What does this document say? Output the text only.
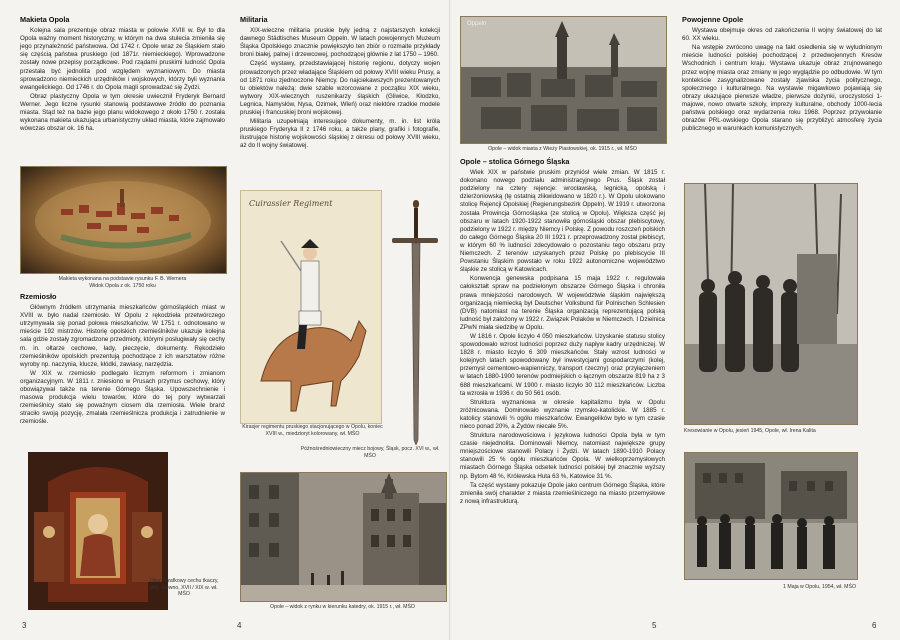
Makieta Opola

Kolejna sala prezentuje obraz miasta w połowie XVIII w. Był to dla Opola ważny moment historyczny, w którym na dwa stulecia zmieniła się jego przynależność państwowa. Od 1742 r. Opole wraz ze Śląskiem stało się częścią państwa pruskiego (od 1871r. niemieckiego). Wprowadzone zostały nowe przepisy porządkowe. Pod rządami pruskimi ludność Opola przestała być jednolita pod względem wyznaniowym. Do miasta sprowadzono niemieckich urzędników i wojskowych, którzy byli wyznania ewangelickiego. Od 1746 r. do Opola magli sprowadzać się Żydzi.

Obraz plastyczny Opola w tym okresie uwiecznił Fryderyk Bernard Werner. Jego liczne rysunki stanowią podstawowe źródło do poznania miasta. Stąd też na bazie jego planu widokowego z około 1750 r. została wykonana makieta ukazująca urbanistyczny układ miasta, które zajmowało wówczas obszar ok. 16 ha.

Makieta wykonana na podstawie rysunku F. B. Wernera
Widok Opola z ok. 1750 roku
Rzemiosło

Głównym źródłem utrzymania mieszkańców górnośląskich miast w XVIII w. było nadal rzemiosło. W Opolu z rękodzieła przetwórczego utrzymywała się ponad połowa mieszkańców. W 1751 r. odnotowano w mieście 192 mistrzów. Historię opolskich rzemieślników ukazuje kolejna sala gdzie zostały zgromadzone przedmioty, którymi posługiwały się cechy m. in. ołtarze cechowe, łady, pieczęcie, dokumenty. Rękodzieło rzemieślników opolskich prezentują pochodzące z ich warsztatów różne wyroby np. naczynia, klucze, kłódki, zawiasy, narzędzia.

W XIX w. rzemiosło podlegało licznym reformom i zmianom organizacyjnym. W 1811 r. zniesiono w Prusach przymus cechowy, który obowiązywał także na terenie Górnego Śląska. Upowszechnienie i masowa produkcja wielu towarów, które do tej pory wytwarzali rzemieślnicy stało się powaźnym ciosem dla rzemiosła. Wiele branż straciło swoją pozycję, zmalała rzemieślnicza produkcja i zatrudnienie w rzemiośle.

Ołtarz szafkowy cechu tkaczy, olej, drewno, XVII / XIX w. wł. MŚO
3
Militaria

XIX-wieczne militaria pruskie były jedną z najstarszych kolekcji dawnego Städtisches Museum Oppeln. W latach powojennych Muzeum Śląska Opolskiego znacznie powiększyło ten zbiór o rozmaite przykłady broni białej, palnej i drzewcowej, pochodzącej głównie z lat 1750 – 1960.

Część wystawy, przedstawiającej historię regionu, dotyczy wojen prowadzonych przez władające Śląskiem od połowy XVIII wieku Prusy, a od 1871 roku zjednoczone Niemcy. Do najciekawszych prezentowanych tu obiektów należą: dwie szable wzorcowane z początku XIX wieku, wytwory XIX-wiecznych ruszenikarzy śląskich (Gliwice, Kłodzko, Legnica, Namysłów, Nysa, Ozimek, Wleń) oraz niektóre rzadkie modele pruskiej i francuskiej broni wojskowej.

Militaria uzupełniają interesujące dokumenty, m. in. list króla pruskiego Fryderyka II z 1746 roku, a także plany, grafiki i fotografie, ilustrujące historię wojskowości śląskiej z okresu od połowy XVIII wieku, aż do II wojny światowej.

Cuirassier Regiment
Kirasjer regimentu pruskiego stacjonującego w Opolu, koniec XVIII w., miedzioryt kolorowany, wł. MŚO
Późnośredniowieczny miecz bojowy, Śląsk, pocz. XVI w., wł. MŚO
Opole – widok z rynku w kierunku katedry, ok. 1915 r., wł. MŚO
4
Oppeln
Opole – widok miasta z Wieży Piastowskiej, ok. 1915 r., wł. MŚO
Opole – stolica Górnego Śląska

Wiek XIX w państwie pruskim przyniósł wiele zmian. W 1815 r. dokonano nowego podziału administracyjnego Prus. Śląsk został podzielony na cztery rejencje: wrocławską, legnicką, opolską i dzierżoniowską (tę ostatnią zlikwidowano w 1820 r.). W Opolu ulokowano stolicę Rejencji Opolskiej (Regierungsbezirk Oppeln). W 1919 r. utworzona została Prowincja Górnośląska (ze stolicą w Opolu). Większa część jej obszaru w latach 1920-1922 stanowiła górnośląski obszar plebiscytowy, podzielony w 1922 r. między Niemcy i Polskę. Z powodu roszczeń polskich do całego Górnego Śląska 20 III 1921 r. przeprowadzony został plebiscyt, w którym 60 % ludności zdecydowało o pozostaniu tego obszaru przy Niemczech. Z terenów uzyskanych przez Polskę po plebiscycie III Powstaniu Śląskim powstało w roku 1922 autonomiczne województwo śląskie ze stolicą w Katowicach.

Konwencja genewska podpisana 15 maja 1922 r. regulowała całokształt spraw na podzielonym obszarze Górnego Śląska i chroniła prawa mniejszości narodowych. W województwie śląskim największą organizacją niemiecką był Deutscher Volksbund für Polnischen Schlesien (DVB) natomiast na terenie Śląska organizacją reprezentującą polską ludność był założony w 1922 r. Związek Polaków w Niemczech. I Dzielnica ZPwN miała siedzibę w Opolu.

W 1816 r. Opole liczyło 4 050 mieszkańców. Uzyskanie statusu stolicy spowodowało wzrost ludności poprzez duży napływ kadry urzędniczej. W 1828 r. miasto liczyło 6 309 mieszkańców. Stały wzrost ludności w kolejnych latach spowodowany był inwestycjami gospodarczymi (kolej, przemysł cementowo-wapienniczy, transport rzeczny) oraz przyłączeniem w latach 1880-1900 terenów podmiejskich o łącznym obszarze 819 ha z 3 688 mieszkańcami. W 1900 r. miasto liczyło 30 112 mieszkańców. Liczba ta wzrosła w 1936 r. do 50 561 osób.

Struktura wyznaniowa w okresie kapitalizmu była w Opolu zróżnicowana. Dominowało wyznanie rzymsko-katolickie. W 1885 r. katolicy stanowili ¾ ogółu mieszkańców. Ewangelików było w tym czasie nieco ponad 20%, a Żydów niecałe 5%.

Struktura narodowościowa i językowa ludności Opola była w tym czasie niejednolita. Dominowali Niemcy, natomiast największe grupy mniejszościowe stanowili Polacy i Żydzi. W latach 1890-1910 Polacy stanowili 25 % ogółu mieszkańców Opola. W wielkoprzemysłowych miastach Górnego Śląska odsetek ludności polskiej był znacznie wyższy np. Bytom 48 %, Królewska Huta 63 %, Katowice 31 %.

Ta część wystawy pokazuje Opole jako centrum Górnego Śląska, które zmieniła swój charakter z miasta rzemieślniczego na miasto przemysłowe z nową infrastrukturą.

5
Powojenne Opole

Wystawa obejmuje okres od zakończenia II wojny światowej do lat 60. XX wieku.

Na wstępie zwrócono uwagę na fakt osiedlenia się w wyludnionym mieście ludności polskiej pochodzącej z przedwojennych Kresów Wschodnich i centrum kraju. Wystawa ukazuje obraz zrujnowanego przez wojnę miasta oraz zmiany w jego wyglądzie po odbudowie. W tym kontekście zasygnalizowane zostały zjawiska życia politycznego, społecznego i kulturalnego. Na wystawie migawkowo pojawiają się obrazy ukazujące pierwsze władze, pierwsze dożynki, uroczystości 1-majowe, nowo otwarte szkoły, imprezy kulturalne, obchody 1000-lecia państwa polskiego oraz wydarzenia roku 1968. Poprzez przywołanie obrazów PRL-owskiego Opola starano się przybliżyć atmosferę życia publicznego w warunkach komunistycznych.

Kresowianie w Opolu, jesień 1945, Opole, wł. Irena Kalita
1 Maja w Opolu, 1954, wł. MŚO
6
